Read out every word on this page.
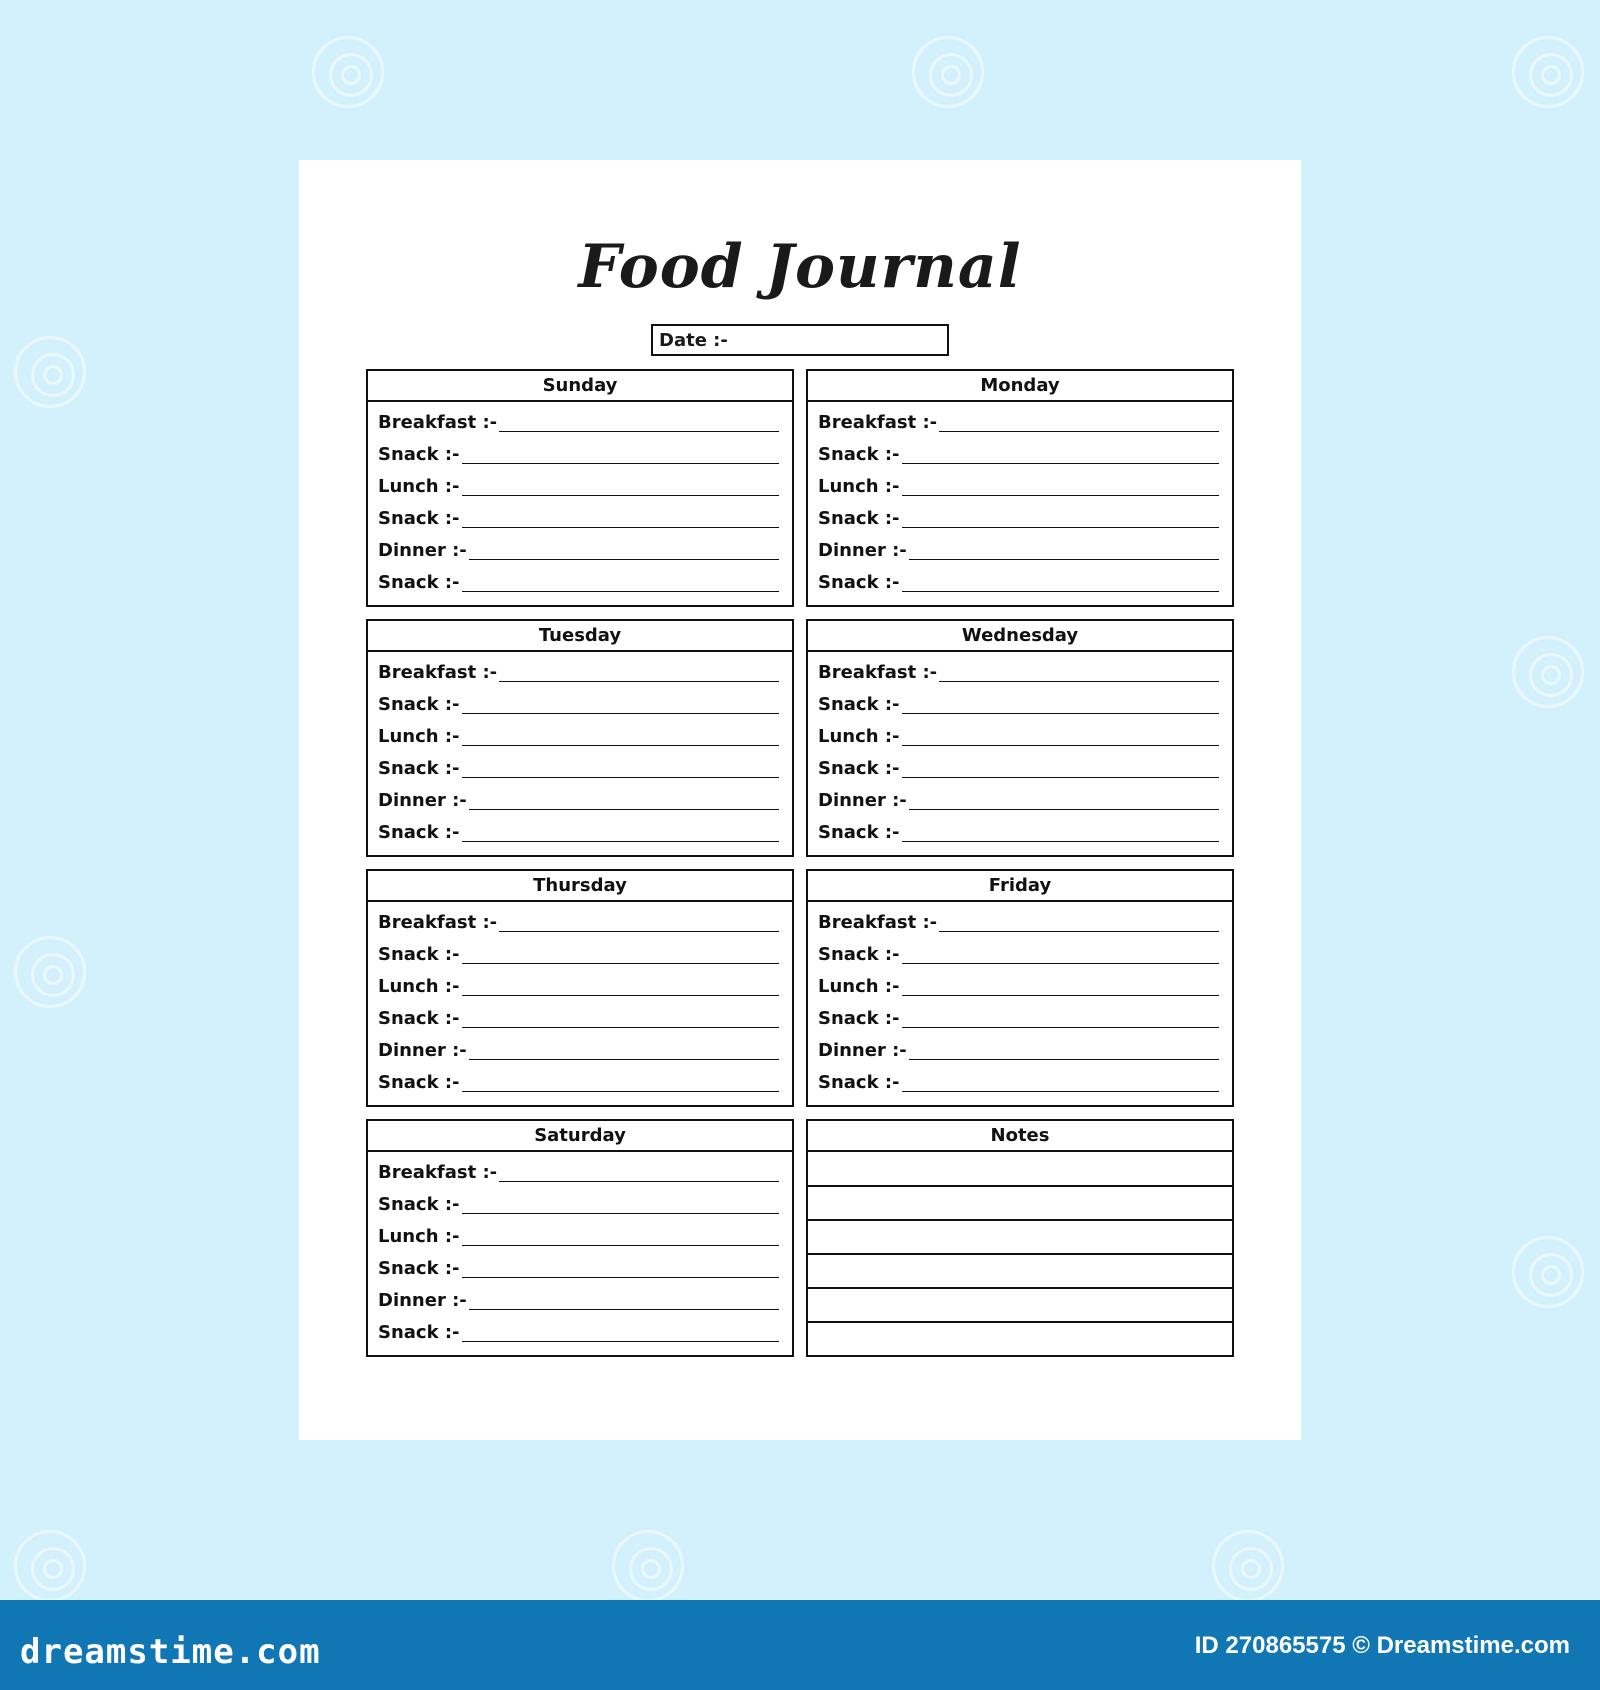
Food Journal
Date :-
Sunday
Breakfast :-
Snack :-
Lunch :-
Snack :-
Dinner :-
Snack :-
Monday
Breakfast :-
Snack :-
Lunch :-
Snack :-
Dinner :-
Snack :-
Tuesday
Breakfast :-
Snack :-
Lunch :-
Snack :-
Dinner :-
Snack :-
Wednesday
Breakfast :-
Snack :-
Lunch :-
Snack :-
Dinner :-
Snack :-
Thursday
Breakfast :-
Snack :-
Lunch :-
Snack :-
Dinner :-
Snack :-
Friday
Breakfast :-
Snack :-
Lunch :-
Snack :-
Dinner :-
Snack :-
Saturday
Breakfast :-
Snack :-
Lunch :-
Snack :-
Dinner :-
Snack :-
Notes
dreamstime.com	ID 270865575 © Dreamstime.com
